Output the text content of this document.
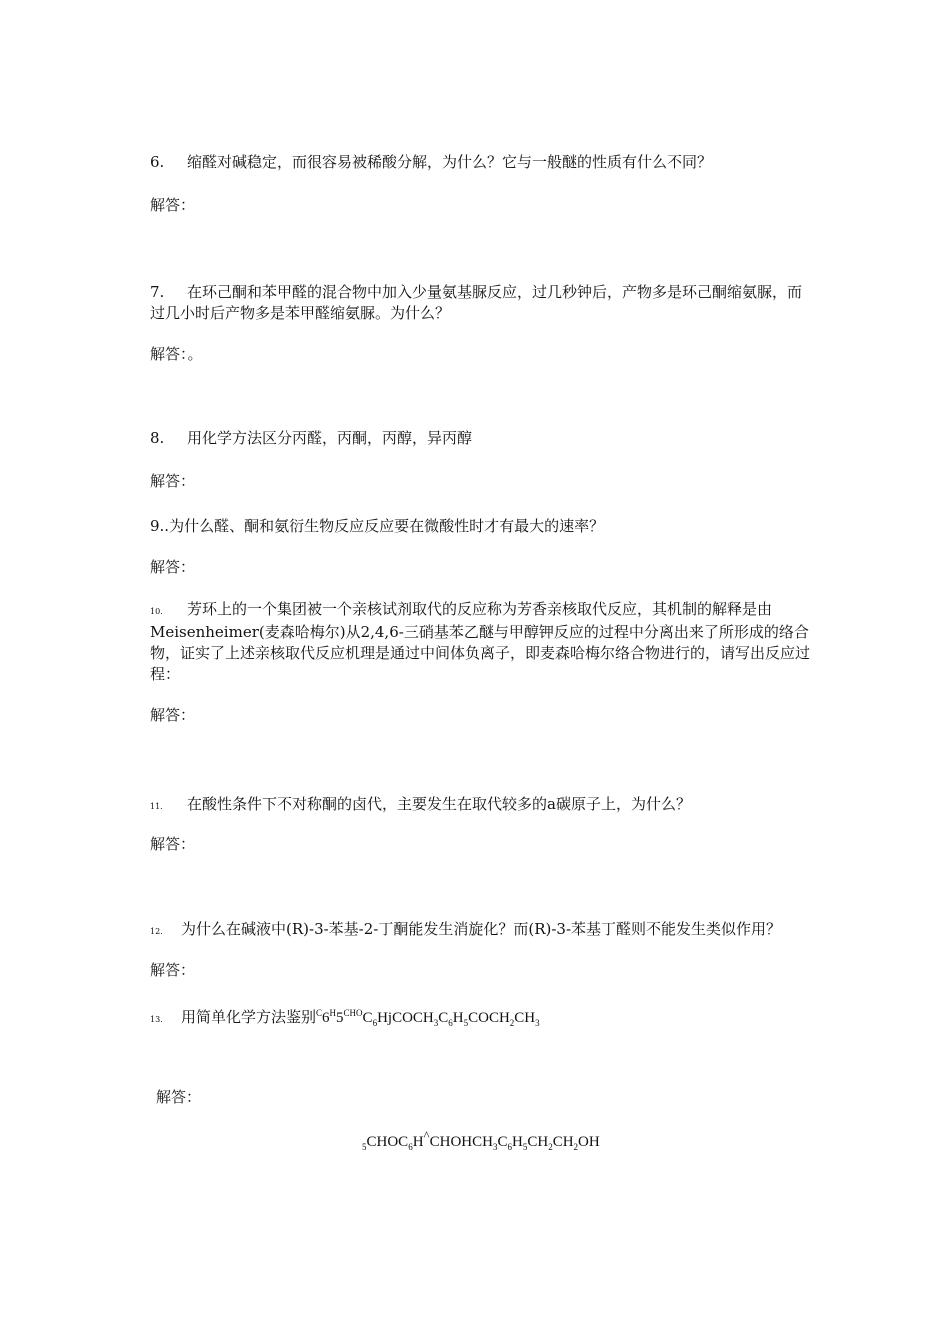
6. 缩醛对碱稳定，而很容易被稀酸分解，为什么？它与一般醚的性质有什么不同？
解答：
7. 在环己酮和苯甲醛的混合物中加入少量氨基脲反应，过几秒钟后，产物多是环己酮缩氨脲，而过几小时后产物多是苯甲醛缩氨脲。为什么？
解答：。
8. 用化学方法区分丙醛，丙酮，丙醇，异丙醇
解答：
9..为什么醛、酮和氨衍生物反应反应要在微酸性时才有最大的速率？
解答：
10. 芳环上的一个集团被一个亲核试剂取代的反应称为芳香亲核取代反应，其机制的解释是由Meisenheimer(麦森哈梅尔)从2,4,6-三硝基苯乙醚与甲醇钾反应的过程中分离出来了所形成的络合物，证实了上述亲核取代反应机理是通过中间体负离子，即麦森哈梅尔络合物进行的，请写出反应过程：
解答：
11. 在酸性条件下不对称酮的卤代，主要发生在取代较多的a碳原子上，为什么？
解答：
12. 为什么在碱液中(R)-3-苯基-2-丁酮能发生消旋化？而(R)-3-苯基丁醛则不能发生类似作用？
解答：
13. 用简单化学方法鉴别$^C6^H5^{CHO}C_6HjCOCH_3C_6H_5COCH_2CH_3$
解答：
$_5CHOC_6H^{\^{}}CHOHCH_3C_6H_5CH_2CH_2OH$
